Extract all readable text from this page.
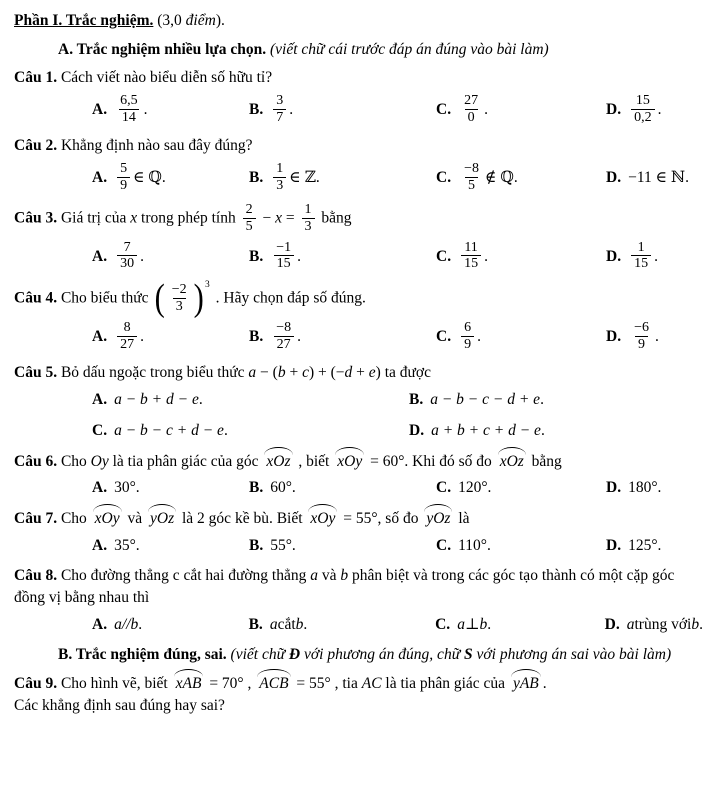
Phần I. Trắc nghiệm. (3,0 điểm).

A. Trắc nghiệm nhiều lựa chọn. (viết chữ cái trước đáp án đúng vào bài làm)

Câu 1. Cách viết nào biểu diễn số hữu tỉ?

A. $\frac{6,5}{14}$ .	B. $\frac{3}{7}$ .	C. $\frac{27}{0}$ .	D. $\frac{15}{0,2}$ .

Câu 2. Khẳng định nào sau đây đúng?

A. $\frac{5}{9}$ ∈ ℚ.	B. $\frac{1}{3}$ ∈ ℤ.	C. $\frac{-8}{5}$ ∉ ℚ.	D. −11 ∈ ℕ.

Câu 3. Giá trị của x trong phép tính $\frac{2}{5} - x = \frac{1}{3}$ bằng

A. $\frac{7}{30}$ .	B. $\frac{-1}{15}$ .	C. $\frac{11}{15}$ .	D. $\frac{1}{15}$ .

Câu 4. Cho biểu thức ( $\frac{-2}{3}$ ) 3
. Hãy chọn đáp số đúng.

A. $\frac{8}{27}$ .	B. $\frac{-8}{27}$ .	C. $\frac{6}{9}$ .	D. $\frac{-6}{9}$ .

Câu 5. Bỏ dấu ngoặc trong biểu thức a − (b + c) + (−d + e) ta được

A. a − b + d − e .	B. a − b − c − d + e .
C. a − b − c + d − e .	D. a + b + c + d − e .

Câu 6. Cho Oy là tia phân giác của góc xOz , biết xOy = 60°. Khi đó số đo xOz bằng

A. 30°.	B. 60°.	C. 120°.	D. 180°.

Câu 7. Cho xOy và yOz là 2 góc kề bù. Biết xOy = 55°, số đo yOz là

A. 35°.	B. 55°.	C. 110°.	D. 125°.

Câu 8. Cho đường thẳng c cắt hai đường thẳng a và b phân biệt và trong các góc tạo thành có một cặp góc đồng vị bằng nhau thì

A. a // b .	B. a cắt b .	C. a ⊥ b .	D. a trùng với b .

B. Trắc nghiệm đúng, sai. (viết chữ Đ với phương án đúng, chữ S với phương án sai vào bài làm)

Câu 9. Cho hình vẽ, biết xAB = 70° , ACB = 55° , tia AC là tia phân giác của yAB .
Các khẳng định sau đúng hay sai?
